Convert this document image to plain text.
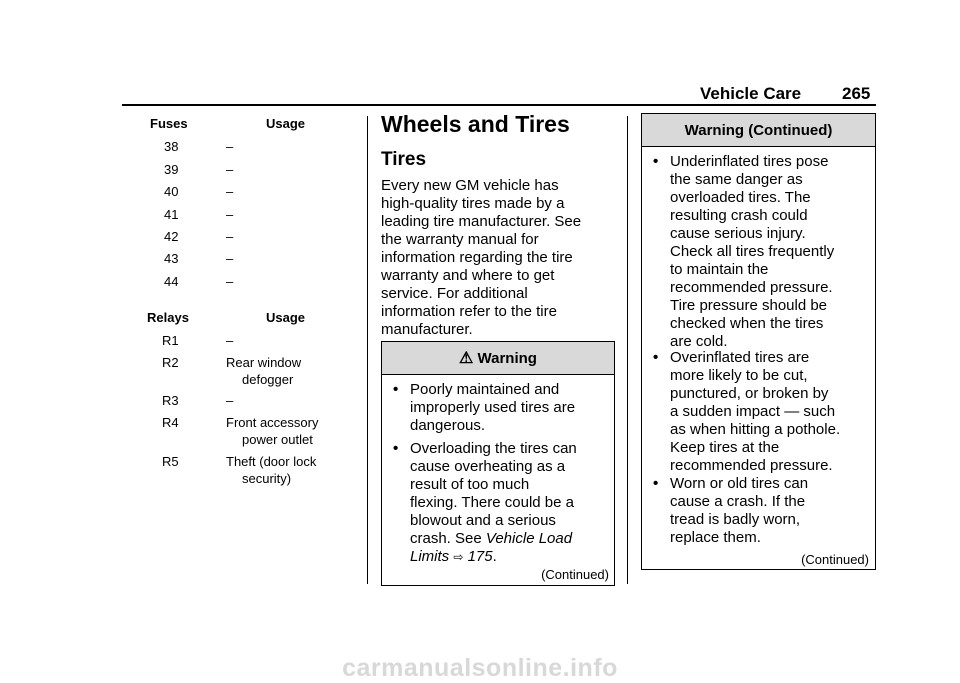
Vehicle Care 265
Fuses	Usage
38	–
39	–
40	–
41	–
42	–
43	–
44	–
Relays	Usage
R1	–
R2	Rear window
defogger
R3	–
R4	Front accessory
power outlet
R5	Theft (door lock
security)
Wheels and Tires
Tires
Every new GM vehicle has
high-quality tires made by a
leading tire manufacturer. See
the warranty manual for
information regarding the tire
warranty and where to get
service. For additional
information refer to the tire
manufacturer.
⚠ Warning
• Poorly maintained and
improperly used tires are
dangerous.
• Overloading the tires can
cause overheating as a
result of too much
flexing. There could be a
blowout and a serious
crash. See Vehicle Load
Limits ⇨ 175.
(Continued)
Warning (Continued)
• Underinflated tires pose
the same danger as
overloaded tires. The
resulting crash could
cause serious injury.
Check all tires frequently
to maintain the
recommended pressure.
Tire pressure should be
checked when the tires
are cold.
• Overinflated tires are
more likely to be cut,
punctured, or broken by
a sudden impact — such
as when hitting a pothole.
Keep tires at the
recommended pressure.
• Worn or old tires can
cause a crash. If the
tread is badly worn,
replace them.
(Continued)
carmanualsonline.info
